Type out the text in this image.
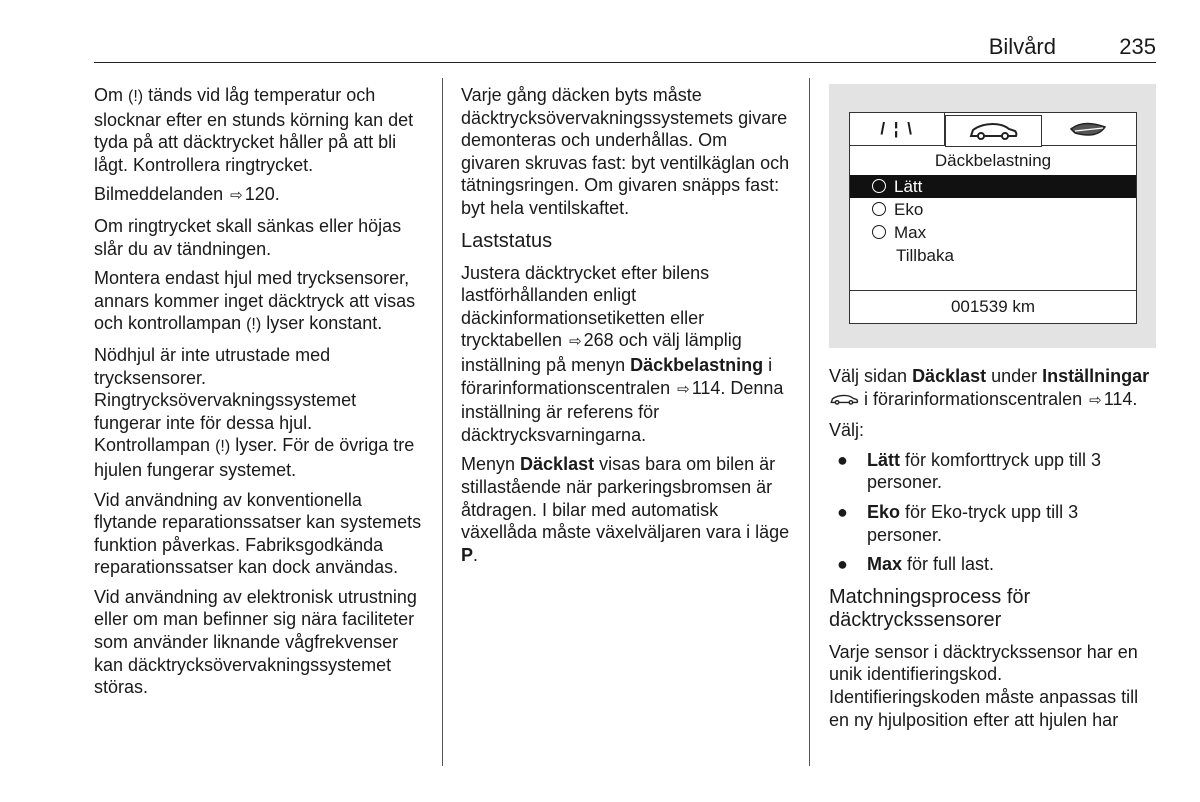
Bilvård	235

Om (!) tänds vid låg temperatur och slocknar efter en stunds körning kan det tyda på att däcktrycket håller på att bli lågt. Kontrollera ringtrycket.

Bilmeddelanden ⇨ 120.

Om ringtrycket skall sänkas eller höjas slår du av tändningen.

Montera endast hjul med trycksensorer, annars kommer inget däcktryck att visas och kontrollampan (!) lyser konstant.

Nödhjul är inte utrustade med trycksensorer. Ringtrycksövervakningssystemet fungerar inte för dessa hjul. Kontrollampan (!) lyser. För de övriga tre hjulen fungerar systemet.

Vid användning av konventionella flytande reparationssatser kan systemets funktion påverkas. Fabriksgodkända reparationssatser kan dock användas.

Vid användning av elektronisk utrustning eller om man befinner sig nära faciliteter som använder liknande vågfrekvenser kan däcktrycksövervakningssystemet störas.

Varje gång däcken byts måste däcktrycksövervakningssystemets givare demonteras och underhållas. Om givaren skruvas fast: byt ventilkäglan och tätningsringen. Om givaren snäpps fast: byt hela ventilskaftet.

Laststatus

Justera däcktrycket efter bilens lastförhållanden enligt däckinformationsetiketten eller trycktabellen ⇨ 268 och välj lämplig inställning på menyn Däckbelastning i förarinformationscentralen ⇨ 114. Denna inställning är referens för däcktrycksvarningarna.

Menyn Däcklast visas bara om bilen är stillastående när parkeringsbromsen är åtdragen. I bilar med automatisk växellåda måste växelväljaren vara i läge P.

/ ¦ \
Däckbelastning
Lätt
Eko
Max
Tillbaka
001539 km

Välj sidan Däcklast under Inställningar  i förarinformationscentralen ⇨ 114.

Välj:

● Lätt för komforttryck upp till 3 personer.
● Eko för Eko-tryck upp till 3 personer.
● Max för full last.
Matchningsprocess för däcktryckssensorer

Varje sensor i däcktryckssensor har en unik identifieringskod. Identifieringskoden måste anpassas till en ny hjulposition efter att hjulen har
